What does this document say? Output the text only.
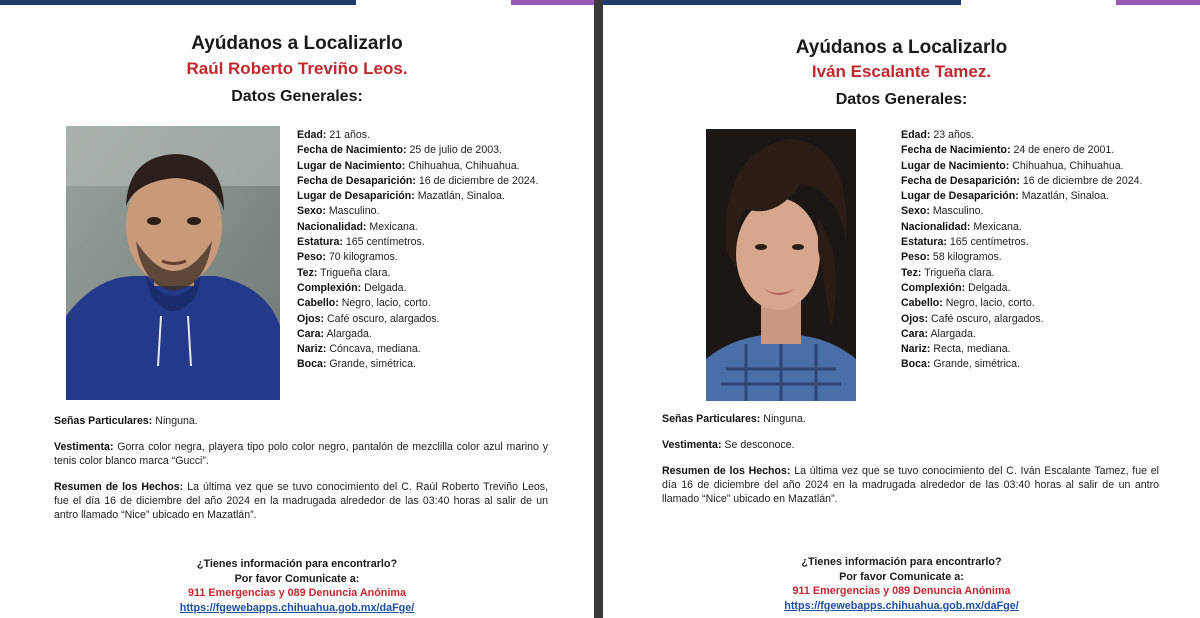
Ayúdanos a Localizarlo
Raúl Roberto Treviño Leos.
Datos Generales:
Edad: 21 años.
Fecha de Nacimiento: 25 de julio de 2003.
Lugar de Nacimiento: Chihuahua, Chihuahua.
Fecha de Desaparición: 16 de diciembre de 2024.
Lugar de Desaparición: Mazatlán, Sinaloa.
Sexo: Masculino.
Nacionalidad: Mexicana.
Estatura: 165 centímetros.
Peso: 70 kilogramos.
Tez: Trigueña clara.
Complexión: Delgada.
Cabello: Negro, lacio, corto.
Ojos: Café oscuro, alargados.
Cara: Alargada.
Nariz: Cóncava, mediana.
Boca: Grande, simétrica.
Señas Particulares: Ninguna.
Vestimenta: Gorra color negra, playera tipo polo color negro, pantalón de mezclilla color azul marino y tenis color blanco marca “Gucci”.
Resumen de los Hechos: La última vez que se tuvo conocimiento del C. Raúl Roberto Treviño Leos, fue el día 16 de diciembre del año 2024 en la madrugada alrededor de las 03:40 horas al salir de un antro llamado “Nice” ubicado en Mazatlán”.
¿Tienes información para encontrarlo?
Por favor Comunicate a:
911 Emergencias y 089 Denuncia Anónima
https://fgewebapps.chihuahua.gob.mx/daFge/
Ayúdanos a Localizarlo
Iván Escalante Tamez.
Datos Generales:
Edad: 23 años.
Fecha de Nacimiento: 24 de enero de 2001.
Lugar de Nacimiento: Chihuahua, Chihuahua.
Fecha de Desaparición: 16 de diciembre de 2024.
Lugar de Desaparición: Mazatlán, Sinaloa.
Sexo: Masculino.
Nacionalidad: Mexicana.
Estatura: 165 centímetros.
Peso: 58 kilogramos.
Tez: Trigueña clara.
Complexión: Delgada.
Cabello: Negro, lacio, corto.
Ojos: Café oscuro, alargados.
Cara: Alargada.
Nariz: Recta, mediana.
Boca: Grande, simétrica.
Señas Particulares: Ninguna.
Vestimenta: Se desconoce.
Resumen de los Hechos: La última vez que se tuvo conocimiento del C. Iván Escalante Tamez, fue el día 16 de diciembre del año 2024 en la madrugada alrededor de las 03:40 horas al salir de un antro llamado “Nice” ubicado en Mazatlán”.
¿Tienes información para encontrarlo?
Por favor Comunicate a:
911 Emergencias y 089 Denuncia Anónima
https://fgewebapps.chihuahua.gob.mx/daFge/
